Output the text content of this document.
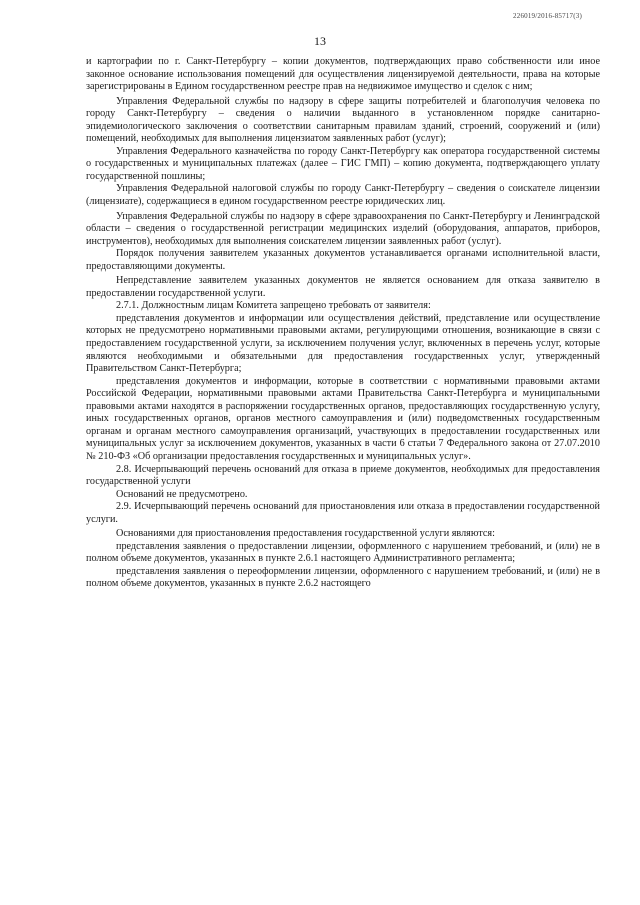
226019/2016-85717(3)
13

и картографии по г. Санкт-Петербургу – копии документов, подтверждающих право собственности или иное законное основание использования помещений для осуществления лицензируемой деятельности, права на которые зарегистрированы в Едином государственном реестре прав на недвижимое имущество и сделок с ним;

Управления Федеральной службы по надзору в сфере защиты потребителей и благополучия человека по городу Санкт-Петербургу – сведения о наличии выданного в установленном порядке санитарно-эпидемиологического заключения о соответствии санитарным правилам зданий, строений, сооружений и (или) помещений, необходимых для выполнения лицензиатом заявленных работ (услуг);

Управления Федерального казначейства по городу Санкт-Петербургу как оператора государственной системы о государственных и муниципальных платежах (далее – ГИС ГМП) – копию документа, подтверждающего уплату государственной пошлины;

Управления Федеральной налоговой службы по городу Санкт-Петербургу – сведения о соискателе лицензии (лицензиате), содержащиеся в едином государственном реестре юридических лиц.

Управления Федеральной службы по надзору в сфере здравоохранения по Санкт-Петербургу и Ленинградской области – сведения о государственной регистрации медицинских изделий (оборудования, аппаратов, приборов, инструментов), необходимых для выполнения соискателем лицензии заявленных работ (услуг).

Порядок получения заявителем указанных документов устанавливается органами исполнительной власти, предоставляющими документы.

Непредставление заявителем указанных документов не является основанием для отказа заявителю в предоставлении государственной услуги.

2.7.1. Должностным лицам Комитета запрещено требовать от заявителя:

представления документов и информации или осуществления действий, представление или осуществление которых не предусмотрено нормативными правовыми актами, регулирующими отношения, возникающие в связи с предоставлением государственной услуги, за исключением получения услуг, включенных в перечень услуг, которые являются необходимыми и обязательными для предоставления государственных услуг, утвержденный Правительством Санкт-Петербурга;

представления документов и информации, которые в соответствии с нормативными правовыми актами Российской Федерации, нормативными правовыми актами Правительства Санкт-Петербурга и муниципальными правовыми актами находятся в распоряжении государственных органов, предоставляющих государственную услугу, иных государственных органов, органов местного самоуправления и (или) подведомственных государственным органам и органам местного самоуправления организаций, участвующих в предоставлении государственных или муниципальных услуг за исключением документов, указанных в части 6 статьи 7 Федерального закона от 27.07.2010 № 210-ФЗ «Об организации предоставления государственных и муниципальных услуг».

2.8. Исчерпывающий перечень оснований для отказа в приеме документов, необходимых для предоставления государственной услуги

Оснований не предусмотрено.

2.9. Исчерпывающий перечень оснований для приостановления или отказа в предоставлении государственной услуги.

Основаниями для приостановления предоставления государственной услуги являются:

представления заявления о предоставлении лицензии, оформленного с нарушением требований, и (или) не в полном объеме документов, указанных в пункте 2.6.1 настоящего Административного регламента;

представления заявления о переоформлении лицензии, оформленного с нарушением требований, и (или) не в полном объеме документов, указанных в пункте 2.6.2 настоящего
